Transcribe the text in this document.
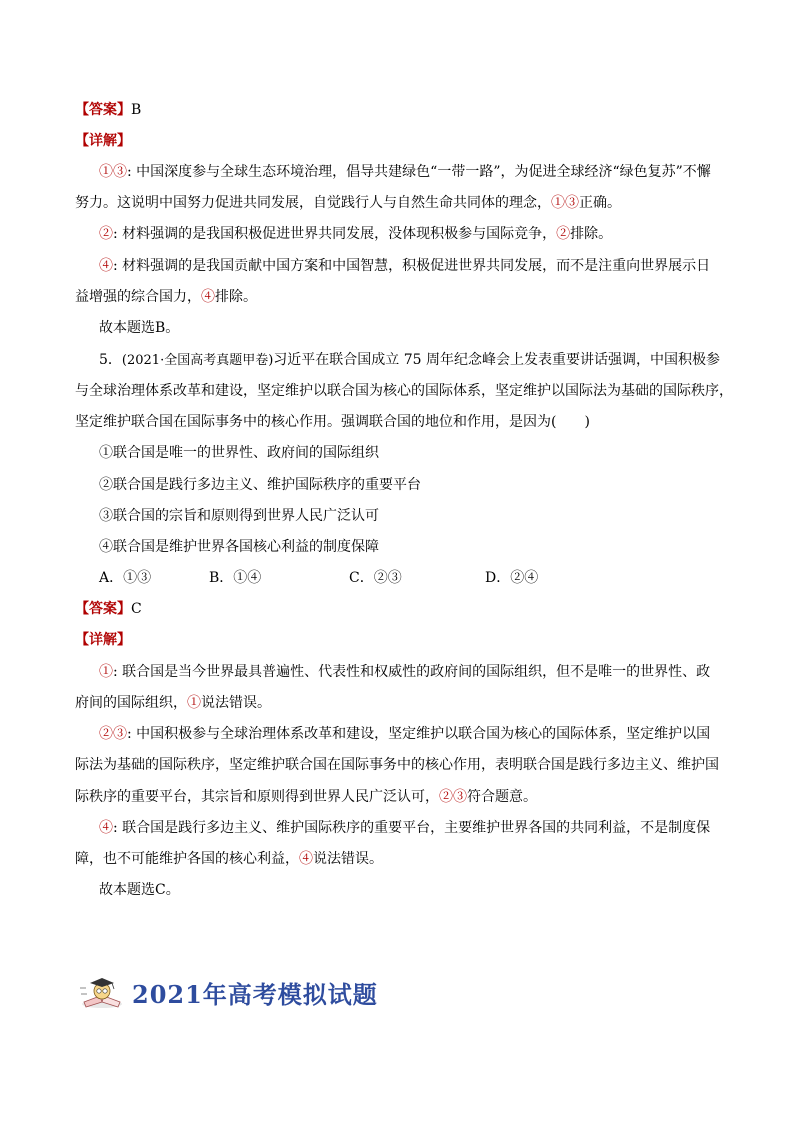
【答案】B
【详解】
①③: 中国深度参与全球生态环境治理，倡导共建绿色“一带一路”，为促进全球经济“绿色复苏”不懈
努力。这说明中国努力促进共同发展，自觉践行人与自然生命共同体的理念，①③正确。
②: 材料强调的是我国积极促进世界共同发展，没体现积极参与国际竞争，②排除。
④: 材料强调的是我国贡献中国方案和中国智慧，积极促进世界共同发展，而不是注重向世界展示日
益增强的综合国力，④排除。
故本题选B。
5．(2021·全国高考真题甲卷)习近平在联合国成立 75 周年纪念峰会上发表重要讲话强调，中国积极参
与全球治理体系改革和建设，坚定维护以联合国为核心的国际体系，坚定维护以国际法为基础的国际秩序，
坚定维护联合国在国际事务中的核心作用。强调联合国的地位和作用，是因为(　　)
①联合国是唯一的世界性、政府间的国际组织
②联合国是践行多边主义、维护国际秩序的重要平台
③联合国的宗旨和原则得到世界人民广泛认可
④联合国是维护世界各国核心利益的制度保障
A．①③	B．①④	C．②③	D．②④
【答案】C
【详解】
①: 联合国是当今世界最具普遍性、代表性和权威性的政府间的国际组织，但不是唯一的世界性、政
府间的国际组织，①说法错误。
②③: 中国积极参与全球治理体系改革和建设，坚定维护以联合国为核心的国际体系，坚定维护以国
际法为基础的国际秩序，坚定维护联合国在国际事务中的核心作用，表明联合国是践行多边主义、维护国
际秩序的重要平台，其宗旨和原则得到世界人民广泛认可，②③符合题意。
④: 联合国是践行多边主义、维护国际秩序的重要平台，主要维护世界各国的共同利益，不是制度保
障，也不可能维护各国的核心利益，④说法错误。
故本题选C。
2021年高考模拟试题
